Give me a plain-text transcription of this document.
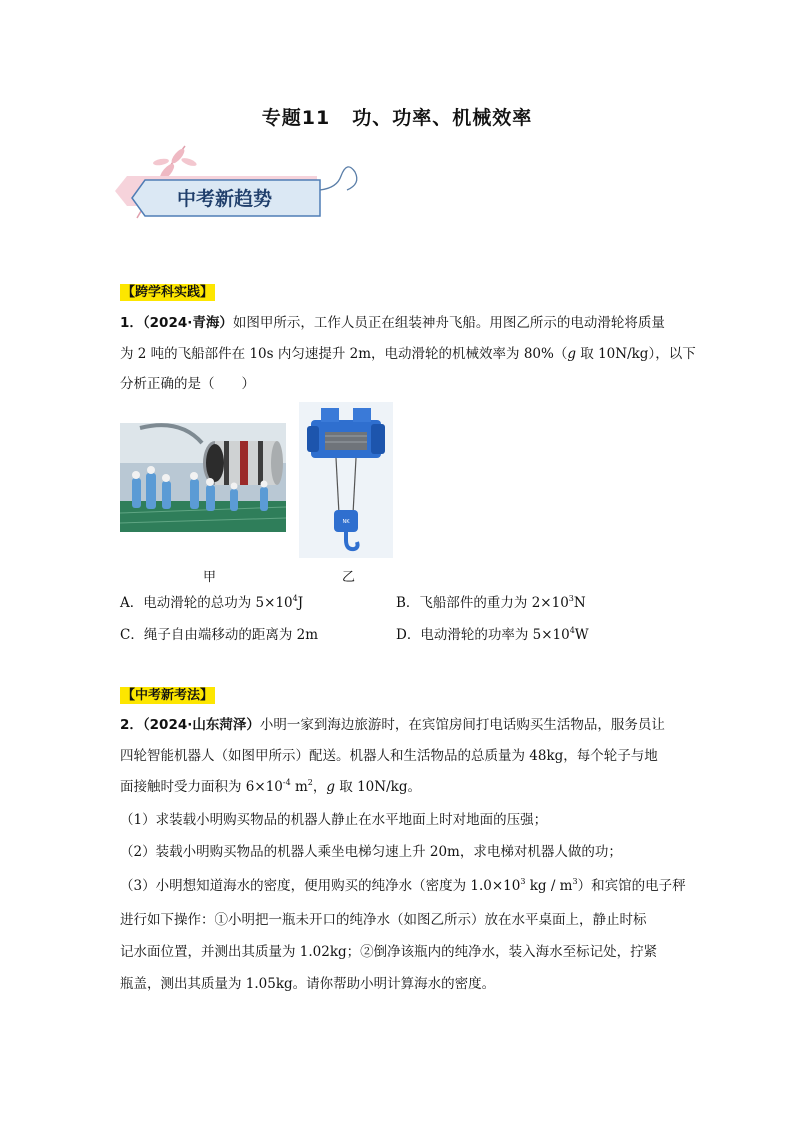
专题11 功、功率、机械效率
中考新趋势
【跨学科实践】
1．（2024·青海）如图甲所示，工作人员正在组装神舟飞船。用图乙所示的电动滑轮将质量
为 2 吨的飞船部件在 10s 内匀速提升 2m，电动滑轮的机械效率为 80%（g 取 10N/kg），以下
分析正确的是（　　）
NK
甲	乙
A．电动滑轮的总功为 $5\times 10^4J$	B．飞船部件的重力为 $2\times 10^3N$
C．绳子自由端移动的距离为 2m	D．电动滑轮的功率为 $5\times 10^4W$
【中考新考法】
2．（2024·山东菏泽）小明一家到海边旅游时，在宾馆房间打电话购买生活物品，服务员让
四轮智能机器人（如图甲所示）配送。机器人和生活物品的总质量为 48kg，每个轮子与地
面接触时受力面积为 $6\times 10^{-4}$ $m^2$，g 取 10N/kg。
（1）求装载小明购买物品的机器人静止在水平地面上时对地面的压强；
（2）装载小明购买物品的机器人乘坐电梯匀速上升 20m，求电梯对机器人做的功；
（3）小明想知道海水的密度，便用购买的纯净水（密度为 $1.0\times 10^3$ kg / $m^3$）和宾馆的电子秤
进行如下操作：①小明把一瓶未开口的纯净水（如图乙所示）放在水平桌面上，静止时标
记水面位置，并测出其质量为 1.02kg；②倒净该瓶内的纯净水，装入海水至标记处，拧紧
瓶盖，测出其质量为 1.05kg。请你帮助小明计算海水的密度。
